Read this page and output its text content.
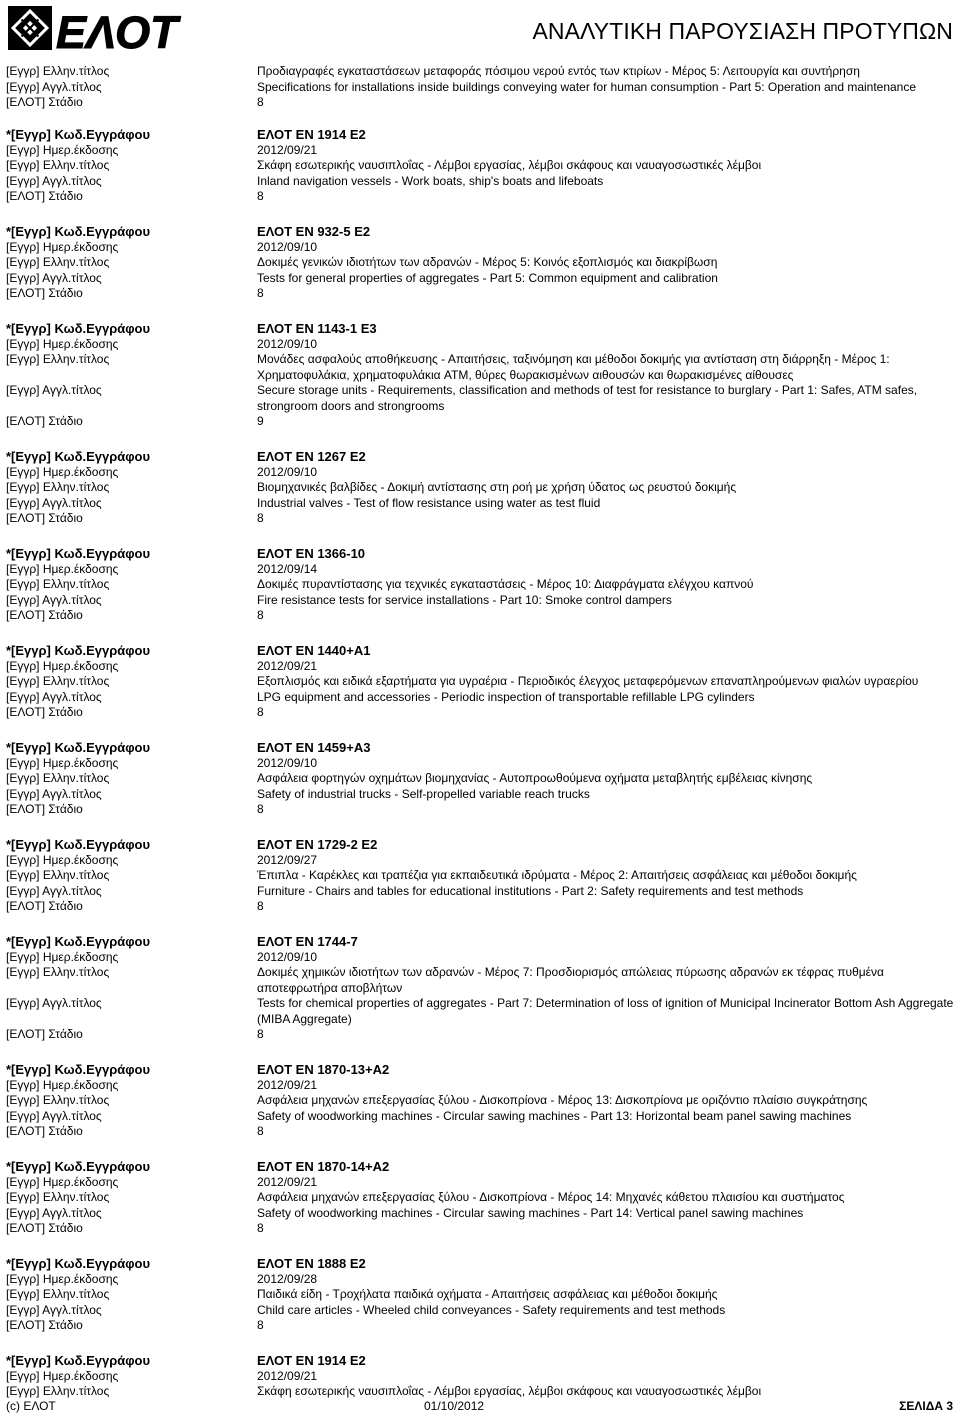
ΕΛΟΤ	ΑΝΑΛΥΤΙΚΗ ΠΑΡΟΥΣΙΑΣΗ ΠΡΟΤΥΠΩΝ
[Εγγρ] Ελλην.τίτλος	Προδιαγραφές εγκαταστάσεων μεταφοράς πόσιμου νερού εντός των κτιρίων - Μέρος 5: Λειτουργία και συντήρηση
[Εγγρ] Αγγλ.τίτλος	Specifications for installations inside buildings conveying water for human consumption - Part 5: Operation and maintenance
[ΕΛΟΤ] Στάδιο	8
*[Εγγρ] Κωδ.Εγγράφου	ΕΛΟΤ EN 1914 E2
[Εγγρ] Ημερ.έκδοσης	2012/09/21
[Εγγρ] Ελλην.τίτλος	Σκάφη εσωτερικής ναυσιπλοΐας - Λέμβοι εργασίας, λέμβοι σκάφους και ναυαγοσωστικές λέμβοι
[Εγγρ] Αγγλ.τίτλος	Inland navigation vessels - Work boats, ship's boats and lifeboats
[ΕΛΟΤ] Στάδιο	8
*[Εγγρ] Κωδ.Εγγράφου	ΕΛΟΤ EN 932-5 E2
[Εγγρ] Ημερ.έκδοσης	2012/09/10
[Εγγρ] Ελλην.τίτλος	Δοκιμές γενικών ιδιοτήτων των αδρανών - Μέρος 5: Κοινός εξοπλισμός και διακρίβωση
[Εγγρ] Αγγλ.τίτλος	Tests for general properties of aggregates - Part 5: Common equipment and calibration
[ΕΛΟΤ] Στάδιο	8
*[Εγγρ] Κωδ.Εγγράφου	ΕΛΟΤ EN 1143-1 E3
[Εγγρ] Ημερ.έκδοσης	2012/09/10
[Εγγρ] Ελλην.τίτλος	Μονάδες ασφαλούς αποθήκευσης - Απαιτήσεις, ταξινόμηση και μέθοδοι δοκιμής για αντίσταση στη διάρρηξη - Μέρος 1: Χρηματοφυλάκια, χρηματοφυλάκια ATM, θύρες θωρακισμένων αιθουσών και θωρακισμένες αίθουσες
[Εγγρ] Αγγλ.τίτλος	Secure storage units - Requirements, classification and methods of test for resistance to burglary - Part 1: Safes, ATM safes, strongroom doors and strongrooms
[ΕΛΟΤ] Στάδιο	9
*[Εγγρ] Κωδ.Εγγράφου	ΕΛΟΤ EN 1267 E2
[Εγγρ] Ημερ.έκδοσης	2012/09/10
[Εγγρ] Ελλην.τίτλος	Βιομηχανικές βαλβίδες - Δοκιμή αντίστασης στη ροή με χρήση ύδατος ως ρευστού δοκιμής
[Εγγρ] Αγγλ.τίτλος	Industrial valves - Test of flow resistance using water as test fluid
[ΕΛΟΤ] Στάδιο	8
*[Εγγρ] Κωδ.Εγγράφου	ΕΛΟΤ EN 1366-10
[Εγγρ] Ημερ.έκδοσης	2012/09/14
[Εγγρ] Ελλην.τίτλος	Δοκιμές πυραντίστασης για τεχνικές εγκαταστάσεις - Μέρος 10: Διαφράγματα ελέγχου καπνού
[Εγγρ] Αγγλ.τίτλος	Fire resistance tests for service installations - Part 10: Smoke control dampers
[ΕΛΟΤ] Στάδιο	8
*[Εγγρ] Κωδ.Εγγράφου	ΕΛΟΤ EN 1440+A1
[Εγγρ] Ημερ.έκδοσης	2012/09/21
[Εγγρ] Ελλην.τίτλος	Εξοπλισμός και ειδικά εξαρτήματα για υγραέρια - Περιοδικός έλεγχος μεταφερόμενων επαναπληρούμενων φιαλών υγραερίου
[Εγγρ] Αγγλ.τίτλος	LPG equipment and accessories - Periodic inspection of transportable refillable LPG cylinders
[ΕΛΟΤ] Στάδιο	8
*[Εγγρ] Κωδ.Εγγράφου	ΕΛΟΤ EN 1459+A3
[Εγγρ] Ημερ.έκδοσης	2012/09/10
[Εγγρ] Ελλην.τίτλος	Ασφάλεια φορτηγών οχημάτων βιομηχανίας - Αυτοπροωθούμενα οχήματα μεταβλητής εμβέλειας κίνησης
[Εγγρ] Αγγλ.τίτλος	Safety of industrial trucks - Self-propelled variable reach trucks
[ΕΛΟΤ] Στάδιο	8
*[Εγγρ] Κωδ.Εγγράφου	ΕΛΟΤ EN 1729-2 E2
[Εγγρ] Ημερ.έκδοσης	2012/09/27
[Εγγρ] Ελλην.τίτλος	Έπιπλα - Καρέκλες και τραπέζια για εκπαιδευτικά ιδρύματα - Μέρος 2: Απαιτήσεις ασφάλειας και μέθοδοι δοκιμής
[Εγγρ] Αγγλ.τίτλος	Furniture - Chairs and tables for educational institutions - Part 2: Safety requirements and test methods
[ΕΛΟΤ] Στάδιο	8
*[Εγγρ] Κωδ.Εγγράφου	ΕΛΟΤ EN 1744-7
[Εγγρ] Ημερ.έκδοσης	2012/09/10
[Εγγρ] Ελλην.τίτλος	Δοκιμές χημικών ιδιοτήτων των αδρανών - Μέρος 7: Προσδιορισμός απώλειας πύρωσης αδρανών εκ τέφρας πυθμένα αποτεφρωτήρα αποβλήτων
[Εγγρ] Αγγλ.τίτλος	Tests for chemical properties of aggregates - Part 7: Determination of loss of ignition of Municipal Incinerator Bottom Ash Aggregate (MIBA Aggregate)
[ΕΛΟΤ] Στάδιο	8
*[Εγγρ] Κωδ.Εγγράφου	ΕΛΟΤ EN 1870-13+A2
[Εγγρ] Ημερ.έκδοσης	2012/09/21
[Εγγρ] Ελλην.τίτλος	Ασφάλεια μηχανών επεξεργασίας ξύλου - Δισκοπρίονα - Μέρος 13: Δισκοπρίονα με οριζόντιο πλαίσιο συγκράτησης
[Εγγρ] Αγγλ.τίτλος	Safety of woodworking machines - Circular sawing machines - Part 13: Horizontal beam panel sawing machines
[ΕΛΟΤ] Στάδιο	8
*[Εγγρ] Κωδ.Εγγράφου	ΕΛΟΤ EN 1870-14+A2
[Εγγρ] Ημερ.έκδοσης	2012/09/21
[Εγγρ] Ελλην.τίτλος	Ασφάλεια μηχανών επεξεργασίας ξύλου - Δισκοπρίονα - Μέρος 14: Μηχανές κάθετου πλαισίου και συστήματος
[Εγγρ] Αγγλ.τίτλος	Safety of woodworking machines - Circular sawing machines - Part 14: Vertical panel sawing machines
[ΕΛΟΤ] Στάδιο	8
*[Εγγρ] Κωδ.Εγγράφου	ΕΛΟΤ EN 1888 E2
[Εγγρ] Ημερ.έκδοσης	2012/09/28
[Εγγρ] Ελλην.τίτλος	Παιδικά είδη - Τροχήλατα παιδικά οχήματα - Απαιτήσεις ασφάλειας και μέθοδοι δοκιμής
[Εγγρ] Αγγλ.τίτλος	Child care articles - Wheeled child conveyances - Safety requirements and test methods
[ΕΛΟΤ] Στάδιο	8
*[Εγγρ] Κωδ.Εγγράφου	ΕΛΟΤ EN 1914 E2
[Εγγρ] Ημερ.έκδοσης	2012/09/21
[Εγγρ] Ελλην.τίτλος	Σκάφη εσωτερικής ναυσιπλοΐας - Λέμβοι εργασίας, λέμβοι σκάφους και ναυαγοσωστικές λέμβοι
(c) ΕΛΟΤ	01/10/2012	ΣΕΛΙΔΑ 3
